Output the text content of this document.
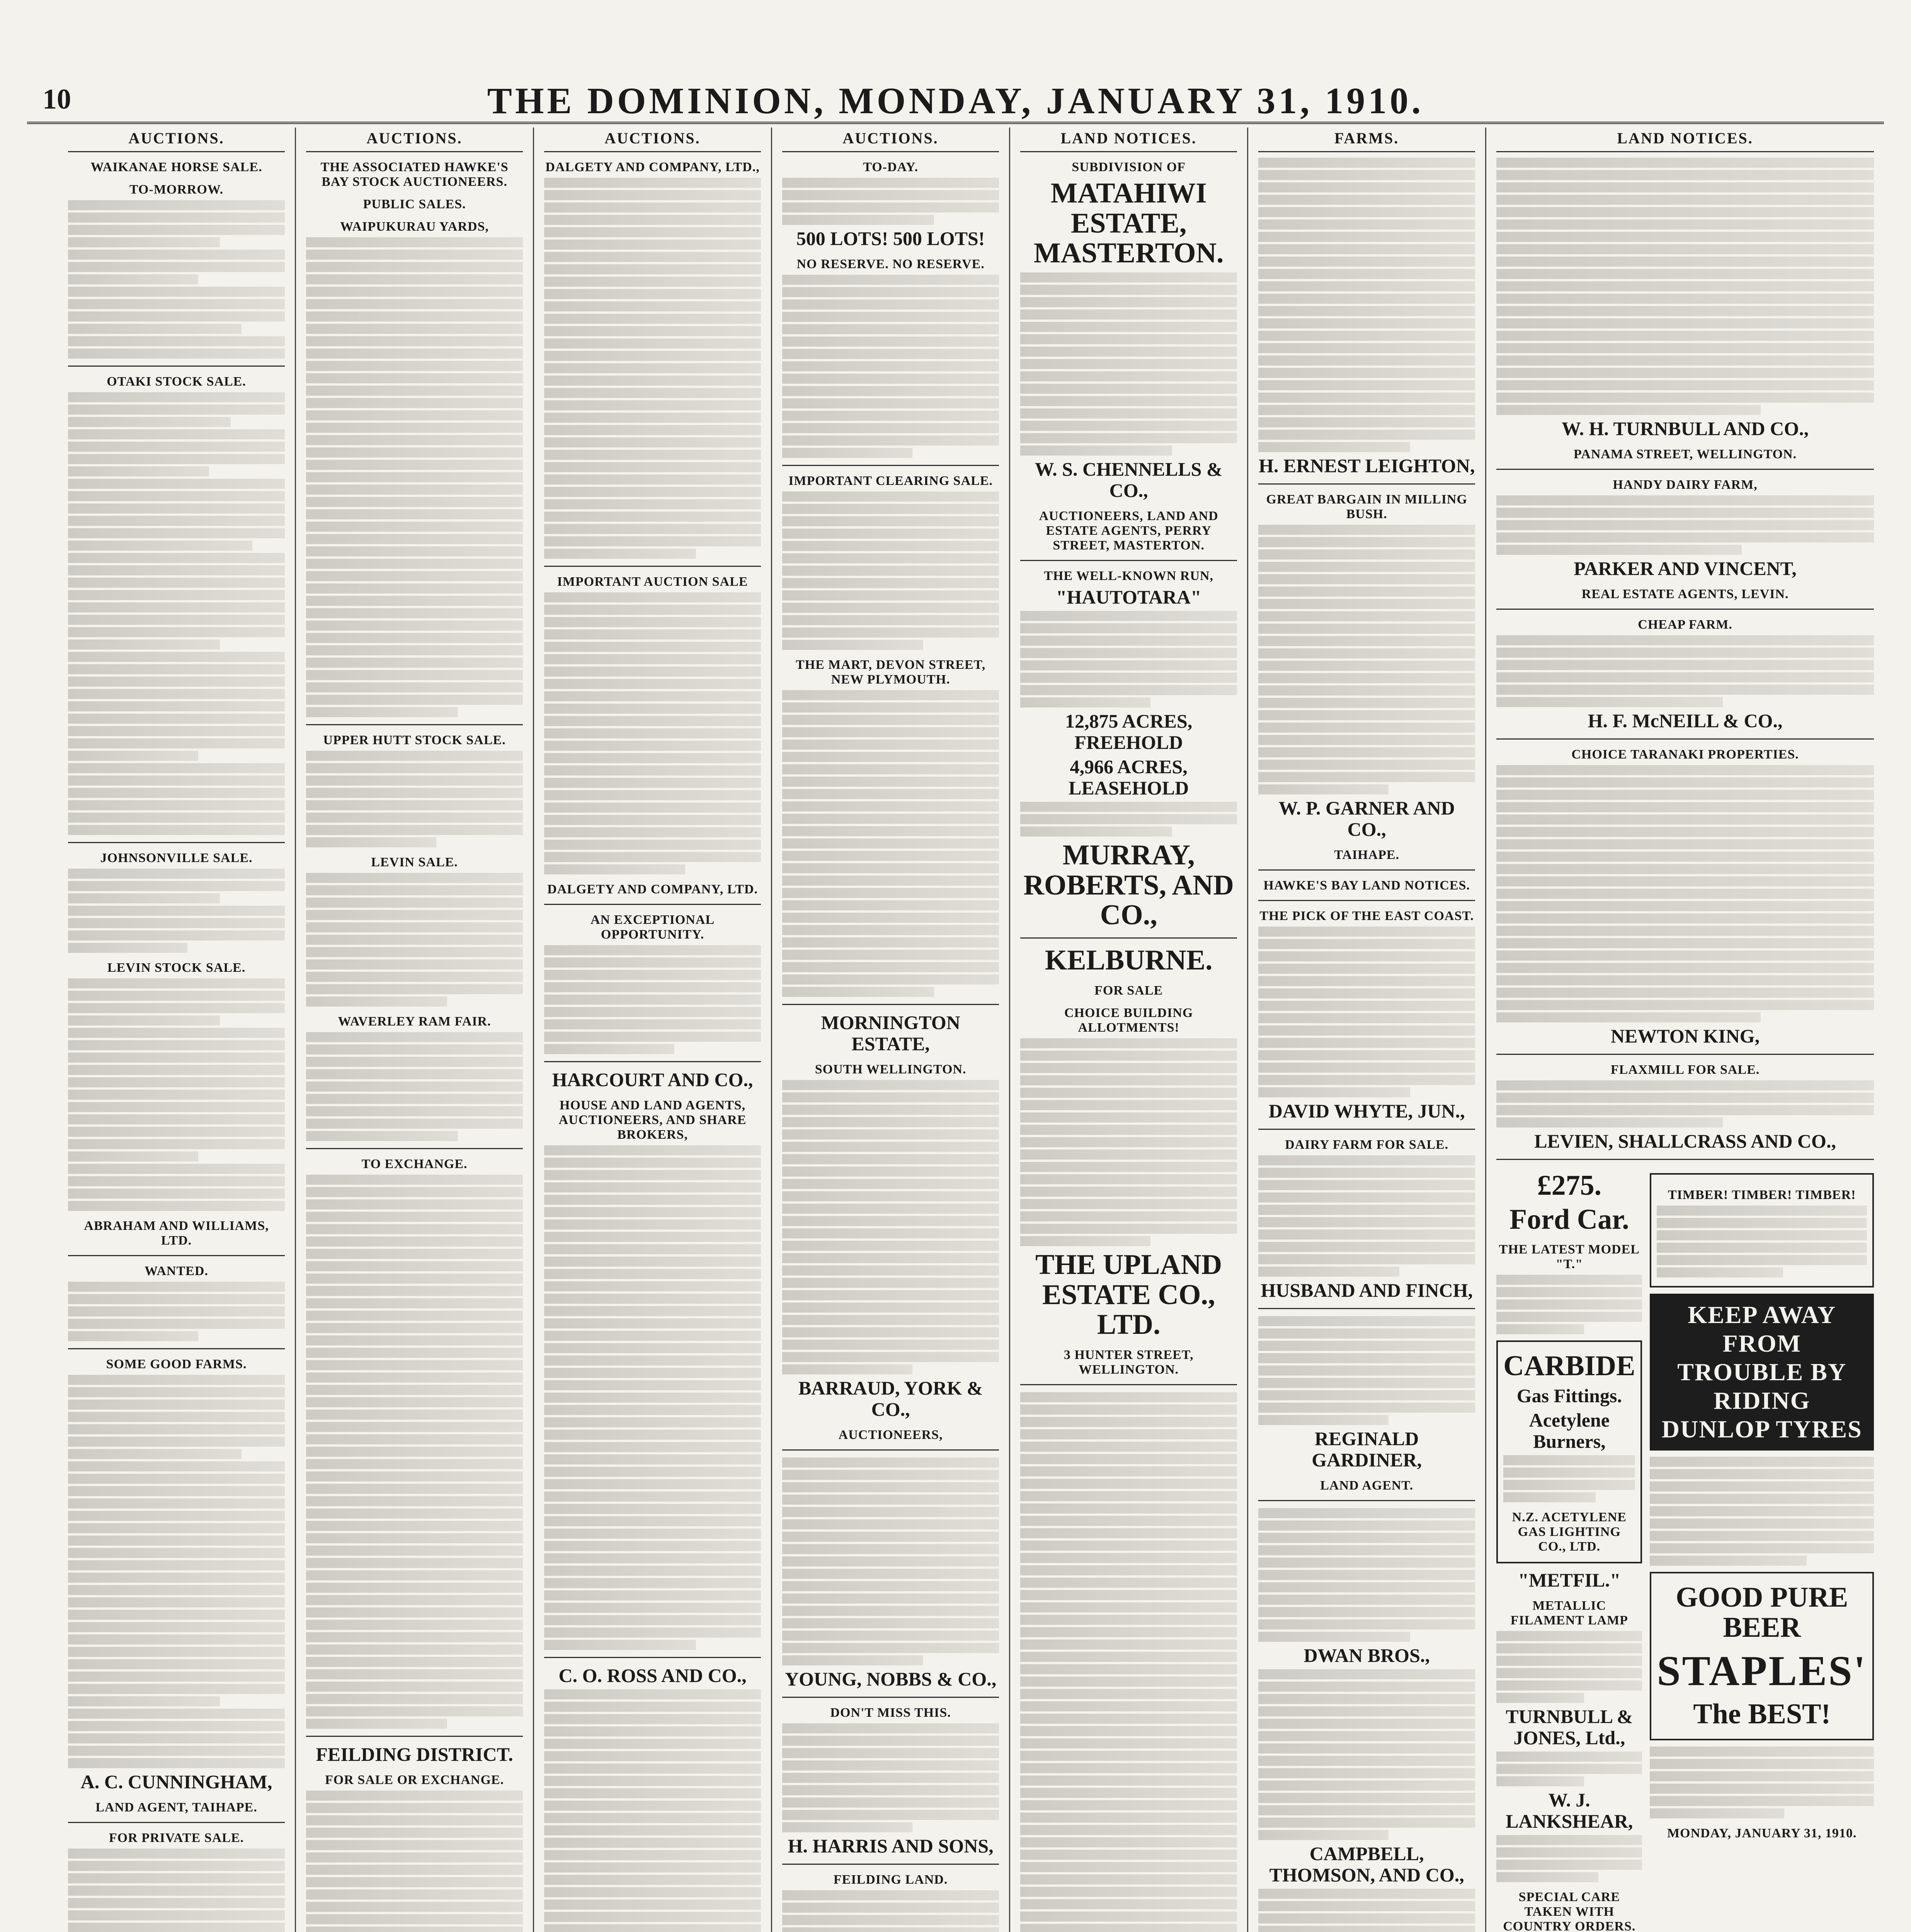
10	THE DOMINION, MONDAY, JANUARY 31, 1910.
AUCTIONS.
WAIKANAE HORSE SALE.
TO-MORROW.
OTAKI STOCK SALE.
JOHNSONVILLE SALE.
LEVIN STOCK SALE.
ABRAHAM AND WILLIAMS, LTD.
WANTED.
SOME GOOD FARMS.
A. C. CUNNINGHAM,
LAND AGENT, TAIHAPE.
FOR PRIVATE SALE.
AUCTIONS.
THE ASSOCIATED HAWKE'S BAY STOCK AUCTIONEERS.
PUBLIC SALES.
WAIPUKURAU YARDS,
UPPER HUTT STOCK SALE.
LEVIN SALE.
WAVERLEY RAM FAIR.
TO EXCHANGE.
FEILDING DISTRICT.
FOR SALE OR EXCHANGE.
AUCTIONS.
DALGETY AND COMPANY, LTD.,
IMPORTANT AUCTION SALE
DALGETY AND COMPANY, LTD.
AN EXCEPTIONAL OPPORTUNITY.
HARCOURT AND CO.,
HOUSE AND LAND AGENTS, AUCTIONEERS, AND SHARE BROKERS,
C. O. ROSS AND CO.,
AUCTIONS.
TO-DAY.
500 LOTS! 500 LOTS!
NO RESERVE. NO RESERVE.
IMPORTANT CLEARING SALE.
THE MART, DEVON STREET, NEW PLYMOUTH.
MORNINGTON ESTATE,
SOUTH WELLINGTON.
BARRAUD, YORK & CO.,
AUCTIONEERS,
YOUNG, NOBBS & CO.,
DON'T MISS THIS.
H. HARRIS AND SONS,
FEILDING LAND.
LAND NOTICES.
SUBDIVISION OF
MATAHIWI ESTATE, MASTERTON.
W. S. CHENNELLS & CO.,
AUCTIONEERS, LAND AND ESTATE AGENTS, PERRY STREET, MASTERTON.
THE WELL-KNOWN RUN,
"HAUTOTARA"
12,875 ACRES, FREEHOLD
4,966 ACRES, LEASEHOLD
MURRAY, ROBERTS, AND CO.,
KELBURNE.
FOR SALE
CHOICE BUILDING ALLOTMENTS!
THE UPLAND ESTATE CO., LTD.
3 HUNTER STREET, WELLINGTON.
FARMS.
H. ERNEST LEIGHTON,
GREAT BARGAIN IN MILLING BUSH.
W. P. GARNER AND CO.,
TAIHAPE.
HAWKE'S BAY LAND NOTICES.
THE PICK OF THE EAST COAST.
DAVID WHYTE, JUN.,
DAIRY FARM FOR SALE.
HUSBAND AND FINCH,
REGINALD GARDINER,
LAND AGENT.
DWAN BROS.,
CAMPBELL, THOMSON, AND CO.,
LAND NOTICES.
W. H. TURNBULL AND CO.,
PANAMA STREET, WELLINGTON.
HANDY DAIRY FARM,
PARKER AND VINCENT,
REAL ESTATE AGENTS, LEVIN.
CHEAP FARM.
H. F. McNEILL & CO.,
CHOICE TARANAKI PROPERTIES.
NEWTON KING,
FLAXMILL FOR SALE.
LEVIEN, SHALLCRASS AND CO.,
£275.
Ford Car.
THE LATEST MODEL "T."
CARBIDE
Gas Fittings.
Acetylene Burners,
N.Z. ACETYLENE GAS LIGHTING CO., LTD.
"METFIL."
METALLIC FILAMENT LAMP
TURNBULL & JONES, Ltd.,
W. J. LANKSHEAR,
SPECIAL CARE TAKEN WITH COUNTRY ORDERS.
TIMBER! TIMBER! TIMBER!
KEEP AWAY FROM TROUBLE BY RIDING DUNLOP TYRES
GOOD PURE BEER
STAPLES'
The BEST!
MONDAY, JANUARY 31, 1910.
